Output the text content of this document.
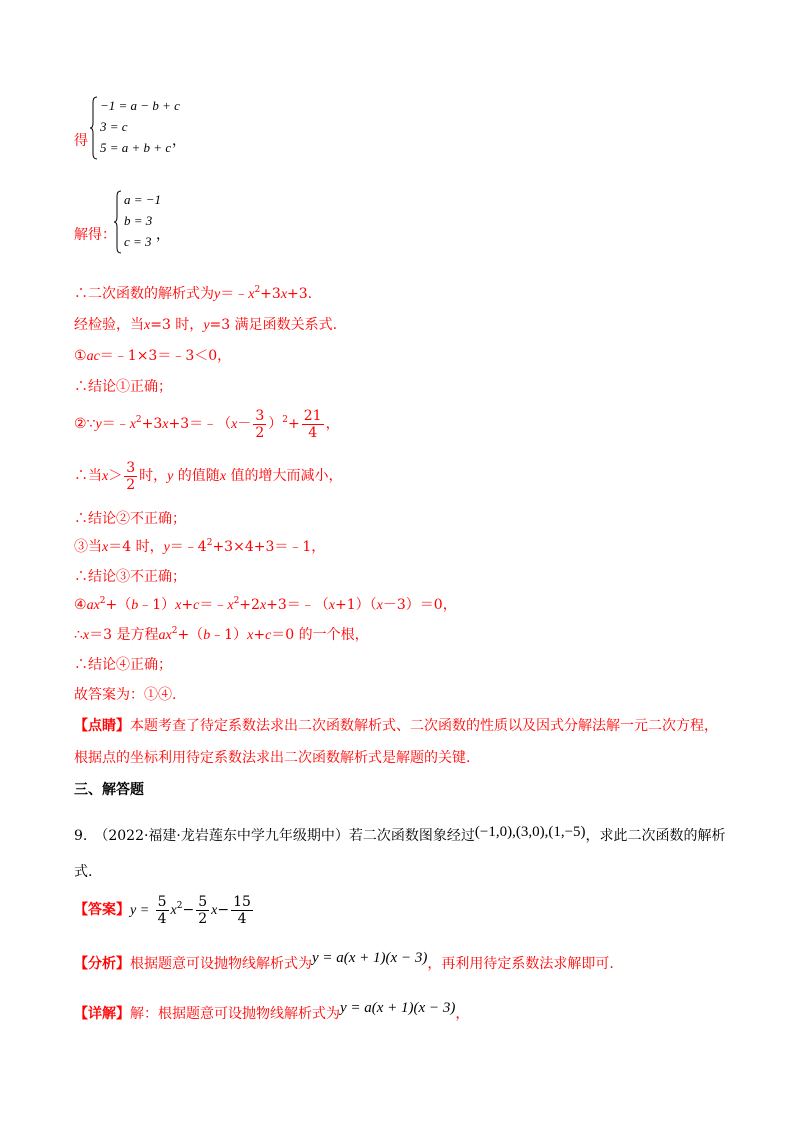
得
−1 = a − b + c
3 = c
5 = a + b + c ，
解得：
a = −1
b = 3
c = 3 ，
∴二次函数的解析式为$y=﹣x^2+3x+3$.
经检验，当x=3 时，y=3 满足函数关系式.
①ac＝﹣1×3＝﹣3＜0，
∴结论①正确；
$②\because y=﹣x^2+3x+3=﹣(x- \frac{3}{2} )^2+ \frac{21}{4}$ ，
∴当$x> \frac{3}{2}$ 时，y 的值随x 值的增大而减小，
∴结论②不正确；
③当x＝4 时，$y=﹣4^2+3\times 4+3=﹣1$，
∴结论③不正确；
$④ax^2+(b﹣1)x+c=﹣x^2+2x+3=﹣(x+1)(x-3)=0$，
∴x＝3 是方程$ax^2+(b﹣1)x+c=0$ 的一个根，
∴结论④正确；
故答案为：①④.
【点睛】本题考查了待定系数法求出二次函数解析式、二次函数的性质以及因式分解法解一元二次方程，
根据点的坐标利用待定系数法求出二次函数解析式是解题的关键.
三、解答题
9.　（2022·福建·龙岩莲东中学九年级期中）若二次函数图象经过(−1,0),(3,0),(1,−5)，求此二次函数的解析
式.
【答案】$y = \frac{5}{4} x^2- \frac{5}{2} x- \frac{15}{4}$
【分析】根据题意可设抛物线解析式为y = a(x + 1)(x − 3)，再利用待定系数法求解即可.
【详解】解：根据题意可设抛物线解析式为y = a(x + 1)(x − 3)，
